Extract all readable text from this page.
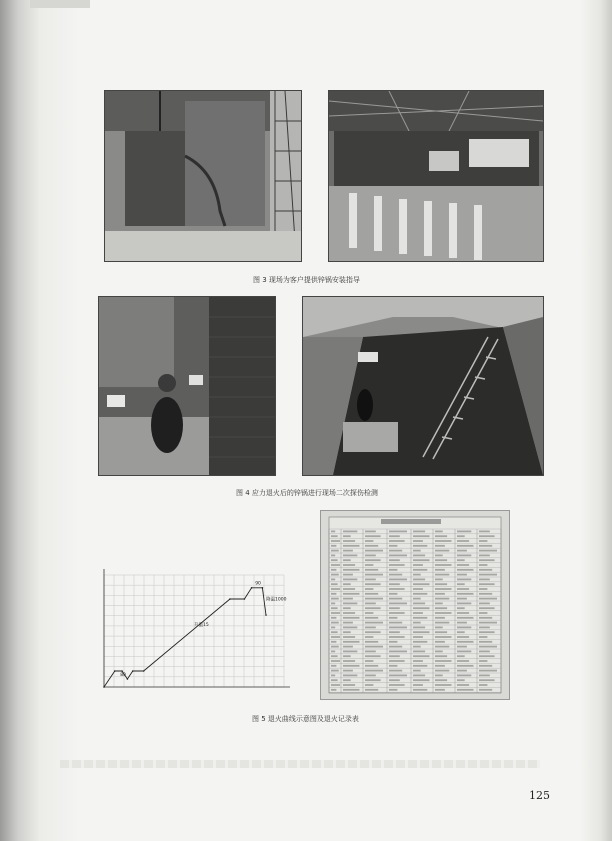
图 3 现场为客户提供锌锅安装指导
图 4 应力退火后的锌锅进行现场二次探伤检测
80
90
升温15
降温1000
图 5 退火曲线示意图及退火记录表
125
